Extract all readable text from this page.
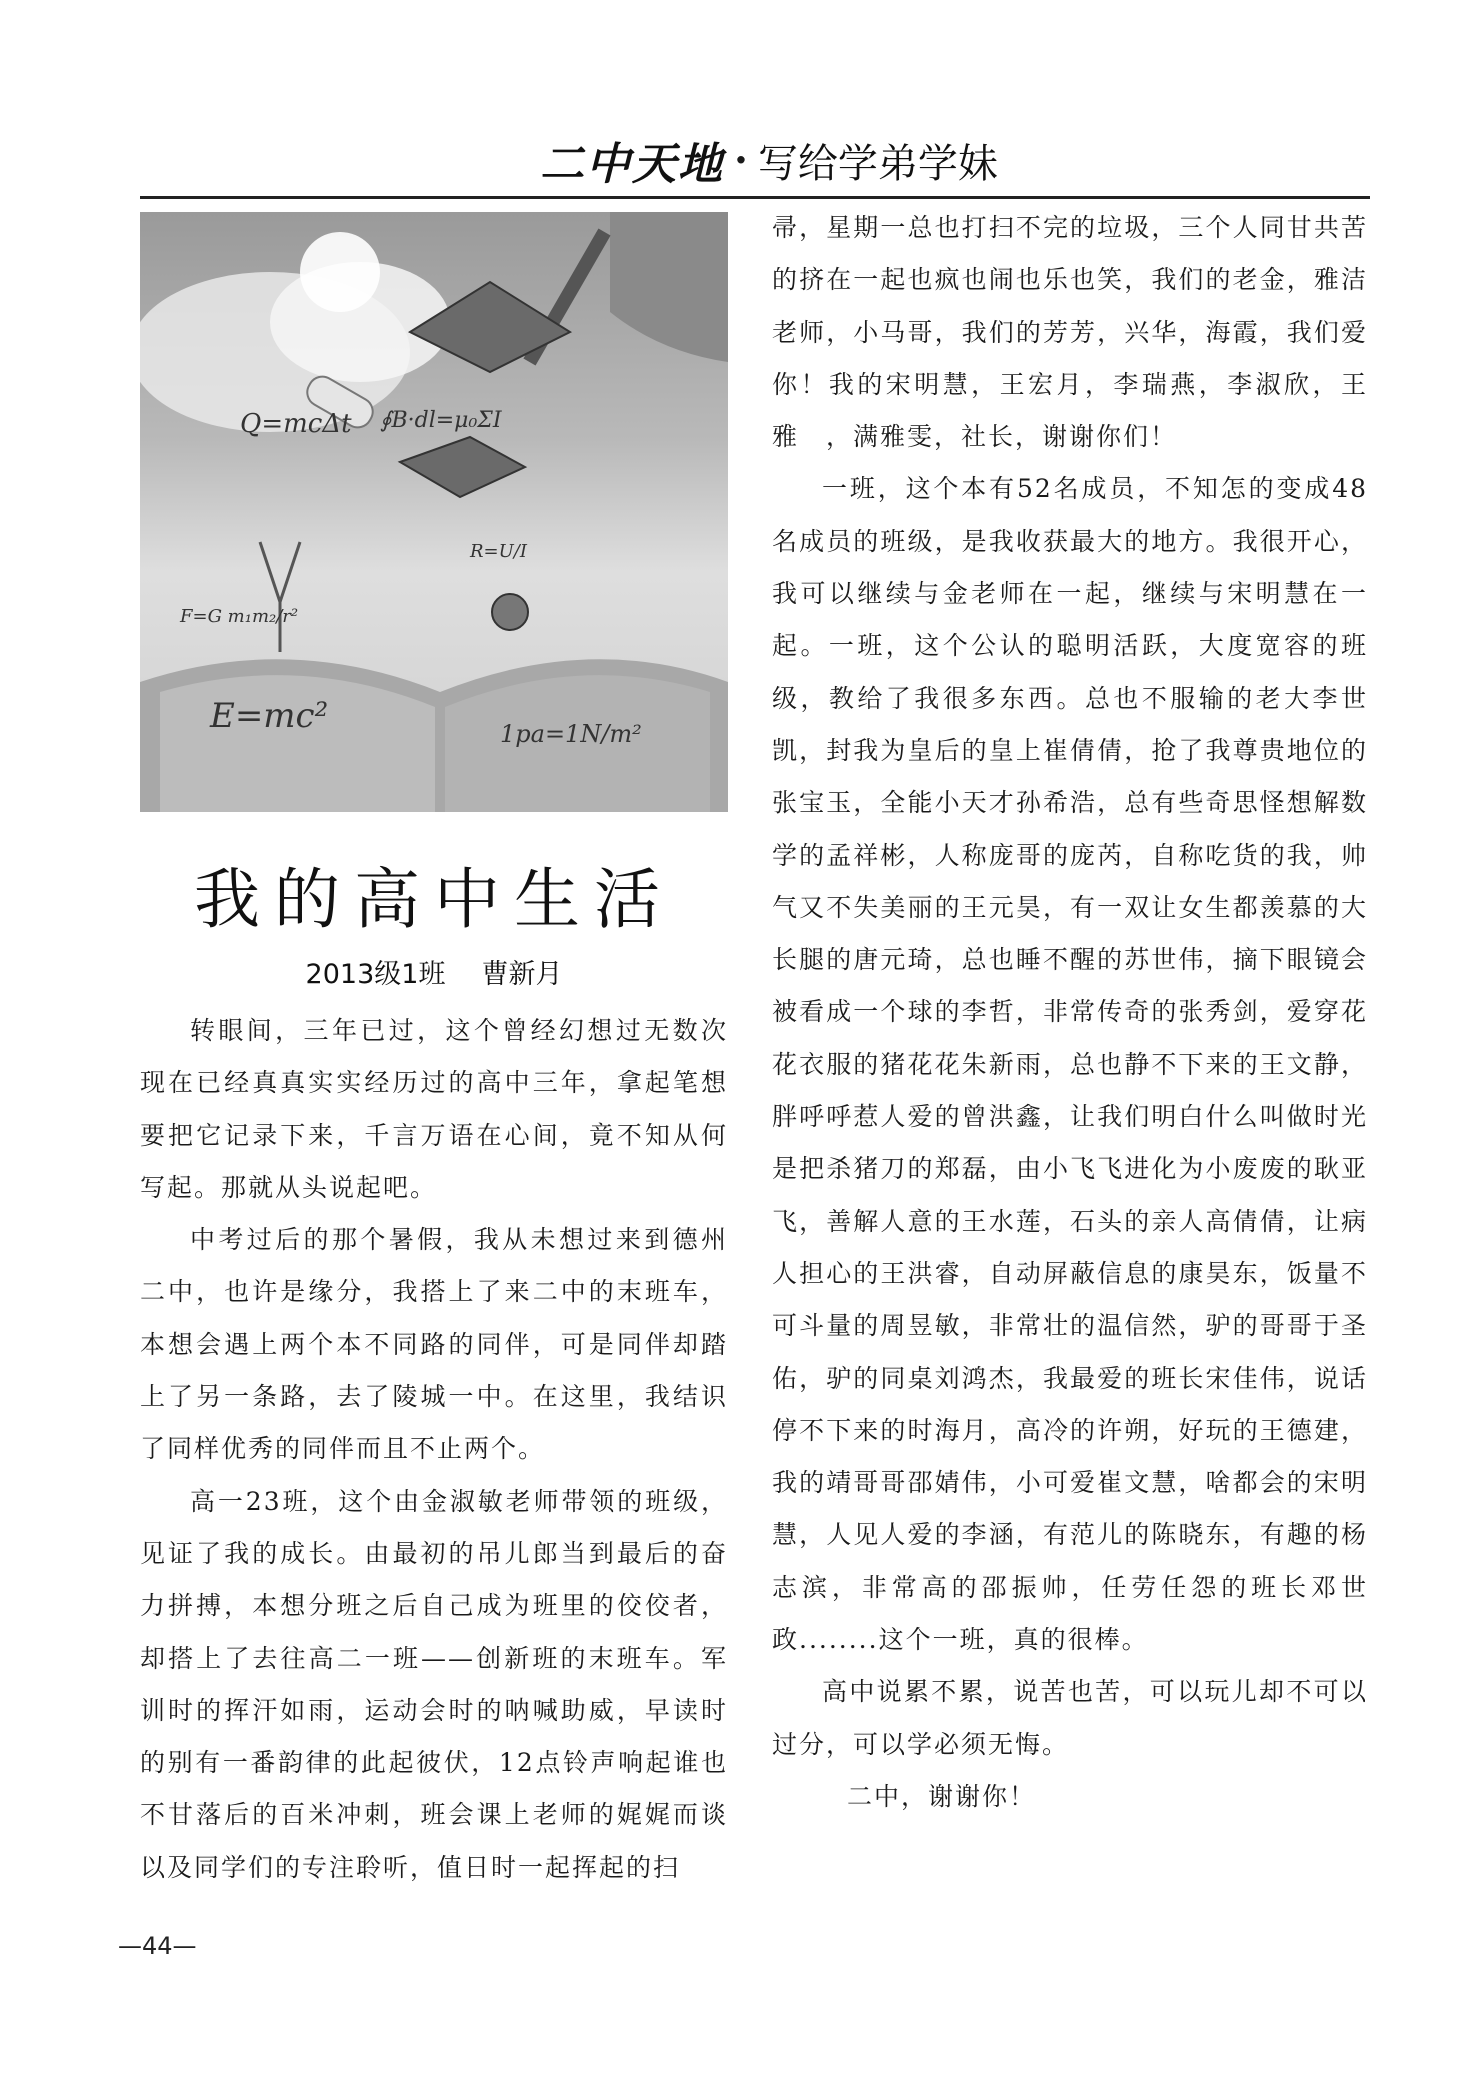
二中天地 · 写给学弟学妹
Q=mcΔt ∮B·dl=μ₀ΣI
E=mc²	1pa=1N/m²
F=G m₁m₂/r²
R=U/I
我的高中生活
2013级1班 曹新月

转眼间，三年已过，这个曾经幻想过无数次现在已经真真实实经历过的高中三年，拿起笔想要把它记录下来，千言万语在心间，竟不知从何写起。那就从头说起吧。

中考过后的那个暑假，我从未想过来到德州二中，也许是缘分，我搭上了来二中的末班车，本想会遇上两个本不同路的同伴，可是同伴却踏上了另一条路，去了陵城一中。在这里，我结识了同样优秀的同伴而且不止两个。

高一23班，这个由金淑敏老师带领的班级，见证了我的成长。由最初的吊儿郎当到最后的奋力拼搏，本想分班之后自己成为班里的佼佼者，却搭上了去往高二一班——创新班的末班车。军训时的挥汗如雨，运动会时的呐喊助威，早读时的别有一番韵律的此起彼伏，12点铃声响起谁也不甘落后的百米冲刺，班会课上老师的娓娓而谈以及同学们的专注聆听，值日时一起挥起的扫

帚，星期一总也打扫不完的垃圾，三个人同甘共苦的挤在一起也疯也闹也乐也笑，我们的老金，雅洁老师，小马哥，我们的芳芳，兴华，海霞，我们爱你！我的宋明慧，王宏月，李瑞燕，李淑欣，王雅　，满雅雯，社长，谢谢你们！

一班，这个本有52名成员，不知怎的变成48名成员的班级，是我收获最大的地方。我很开心，我可以继续与金老师在一起，继续与宋明慧在一起。一班，这个公认的聪明活跃，大度宽容的班级，教给了我很多东西。总也不服输的老大李世凯，封我为皇后的皇上崔倩倩，抢了我尊贵地位的张宝玉，全能小天才孙希浩，总有些奇思怪想解数学的孟祥彬，人称庞哥的庞芮，自称吃货的我，帅气又不失美丽的王元昊，有一双让女生都羡慕的大长腿的唐元琦，总也睡不醒的苏世伟，摘下眼镜会被看成一个球的李哲，非常传奇的张秀剑，爱穿花花衣服的猪花花朱新雨，总也静不下来的王文静，胖呼呼惹人爱的曾洪鑫，让我们明白什么叫做时光是把杀猪刀的郑磊，由小飞飞进化为小废废的耿亚飞，善解人意的王水莲，石头的亲人高倩倩，让病人担心的王洪睿，自动屏蔽信息的康昊东，饭量不可斗量的周昱敏，非常壮的温信然，驴的哥哥于圣佑，驴的同桌刘鸿杰，我最爱的班长宋佳伟，说话停不下来的时海月，高冷的许朔，好玩的王德建，我的靖哥哥邵婧伟，小可爱崔文慧，啥都会的宋明慧，人见人爱的李涵，有范儿的陈晓东，有趣的杨志滨，非常高的邵振帅，任劳任怨的班长邓世政........这个一班，真的很棒。

高中说累不累，说苦也苦，可以玩儿却不可以过分，可以学必须无悔。

二中，谢谢你！

—44—
